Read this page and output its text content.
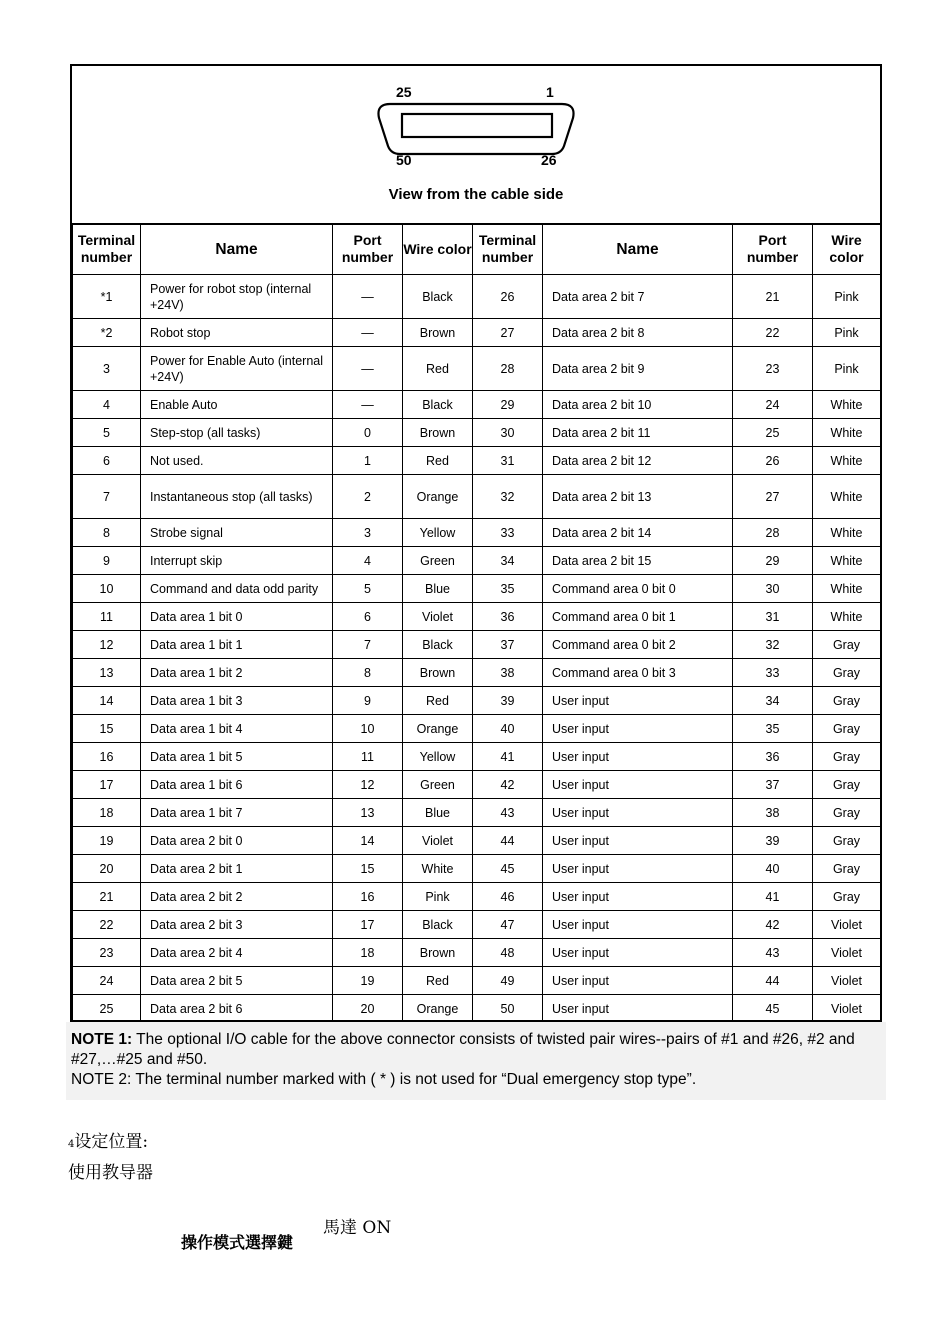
25	1
50	26
View from the cable side
Terminal number	Name	Port number	Wire color	Terminal number	Name	Port number	Wire color
*1	Power for robot stop (internal +24V)	—	Black	26	Data area 2 bit 7	21	Pink
*2	Robot stop	—	Brown	27	Data area 2 bit 8	22	Pink
3	Power for Enable Auto (internal +24V)	—	Red	28	Data area 2 bit 9	23	Pink
4	Enable Auto	—	Black	29	Data area 2 bit 10	24	White
5	Step-stop (all tasks)	0	Brown	30	Data area 2 bit 11	25	White
6	Not used.	1	Red	31	Data area 2 bit 12	26	White
7	Instantaneous stop (all tasks)	2	Orange	32	Data area 2 bit 13	27	White
8	Strobe signal	3	Yellow	33	Data area 2 bit 14	28	White
9	Interrupt skip	4	Green	34	Data area 2 bit 15	29	White
10	Command and data odd parity	5	Blue	35	Command area 0 bit 0	30	White
11	Data area 1 bit 0	6	Violet	36	Command area 0 bit 1	31	White
12	Data area 1 bit 1	7	Black	37	Command area 0 bit 2	32	Gray
13	Data area 1 bit 2	8	Brown	38	Command area 0 bit 3	33	Gray
14	Data area 1 bit 3	9	Red	39	User input	34	Gray
15	Data area 1 bit 4	10	Orange	40	User input	35	Gray
16	Data area 1 bit 5	11	Yellow	41	User input	36	Gray
17	Data area 1 bit 6	12	Green	42	User input	37	Gray
18	Data area 1 bit 7	13	Blue	43	User input	38	Gray
19	Data area 2 bit 0	14	Violet	44	User input	39	Gray
20	Data area 2 bit 1	15	White	45	User input	40	Gray
21	Data area 2 bit 2	16	Pink	46	User input	41	Gray
22	Data area 2 bit 3	17	Black	47	User input	42	Violet
23	Data area 2 bit 4	18	Brown	48	User input	43	Violet
24	Data area 2 bit 5	19	Red	49	User input	44	Violet
25	Data area 2 bit 6	20	Orange	50	User input	45	Violet

NOTE 1: The optional I/O cable for the above connector consists of twisted pair wires--pairs of #1 and #26, #2 and #27,…#25 and #50.

NOTE 2: The terminal number marked with ( * ) is not used for “Dual emergency stop type”.

4设定位置:
使用教导器
馬達 ON
操作模式選擇鍵
